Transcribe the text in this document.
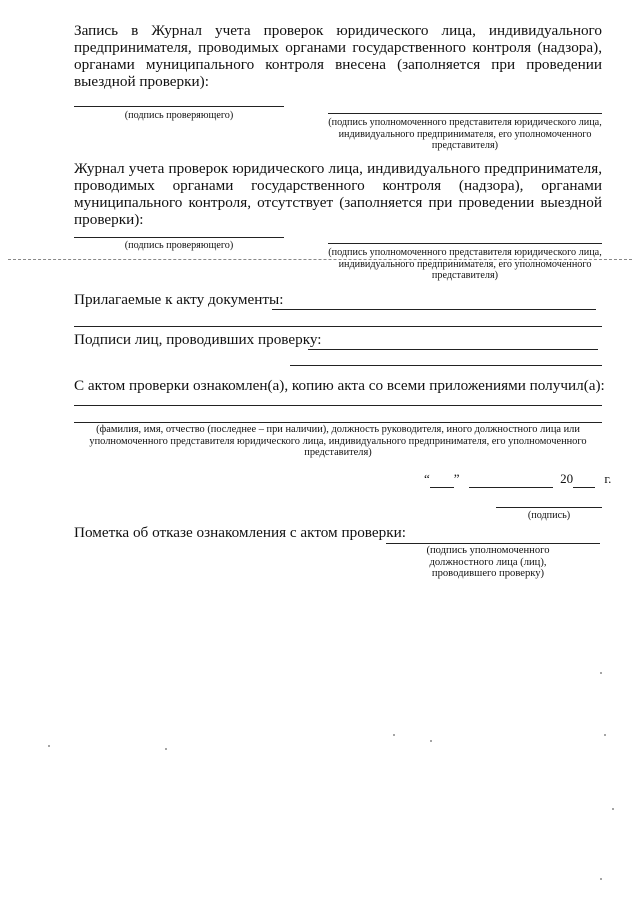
Запись в Журнал учета проверок юридического лица, индивидуального предпринимателя, проводимых органами государственного контроля (надзора), органами муниципального контроля внесена (заполняется при проведении выездной проверки):
(подпись проверяющего)
(подпись уполномоченного представителя юридического лица, индивидуального предпринимателя, его уполномоченного представителя)
Журнал учета проверок юридического лица, индивидуального предпринимателя, проводимых органами государственного контроля (надзора), органами муниципального контроля, отсутствует (заполняется при проведении выездной проверки):
(подпись проверяющего)
(подпись уполномоченного представителя юридического лица, индивидуального предпринимателя, его уполномоченного представителя)
Прилагаемые к акту документы:
Подписи лиц, проводивших проверку:
С актом проверки ознакомлен(а), копию акта со всеми приложениями получил(а):
(фамилия, имя, отчество (последнее – при наличии), должность руководителя, иного должностного лица или уполномоченного представителя юридического лица, индивидуального предпринимателя, его уполномоченного представителя)
“ ”	20 г.
(подпись)
Пометка об отказе ознакомления с актом проверки:
(подпись уполномоченного должностного лица (лиц), проводившего проверку)
